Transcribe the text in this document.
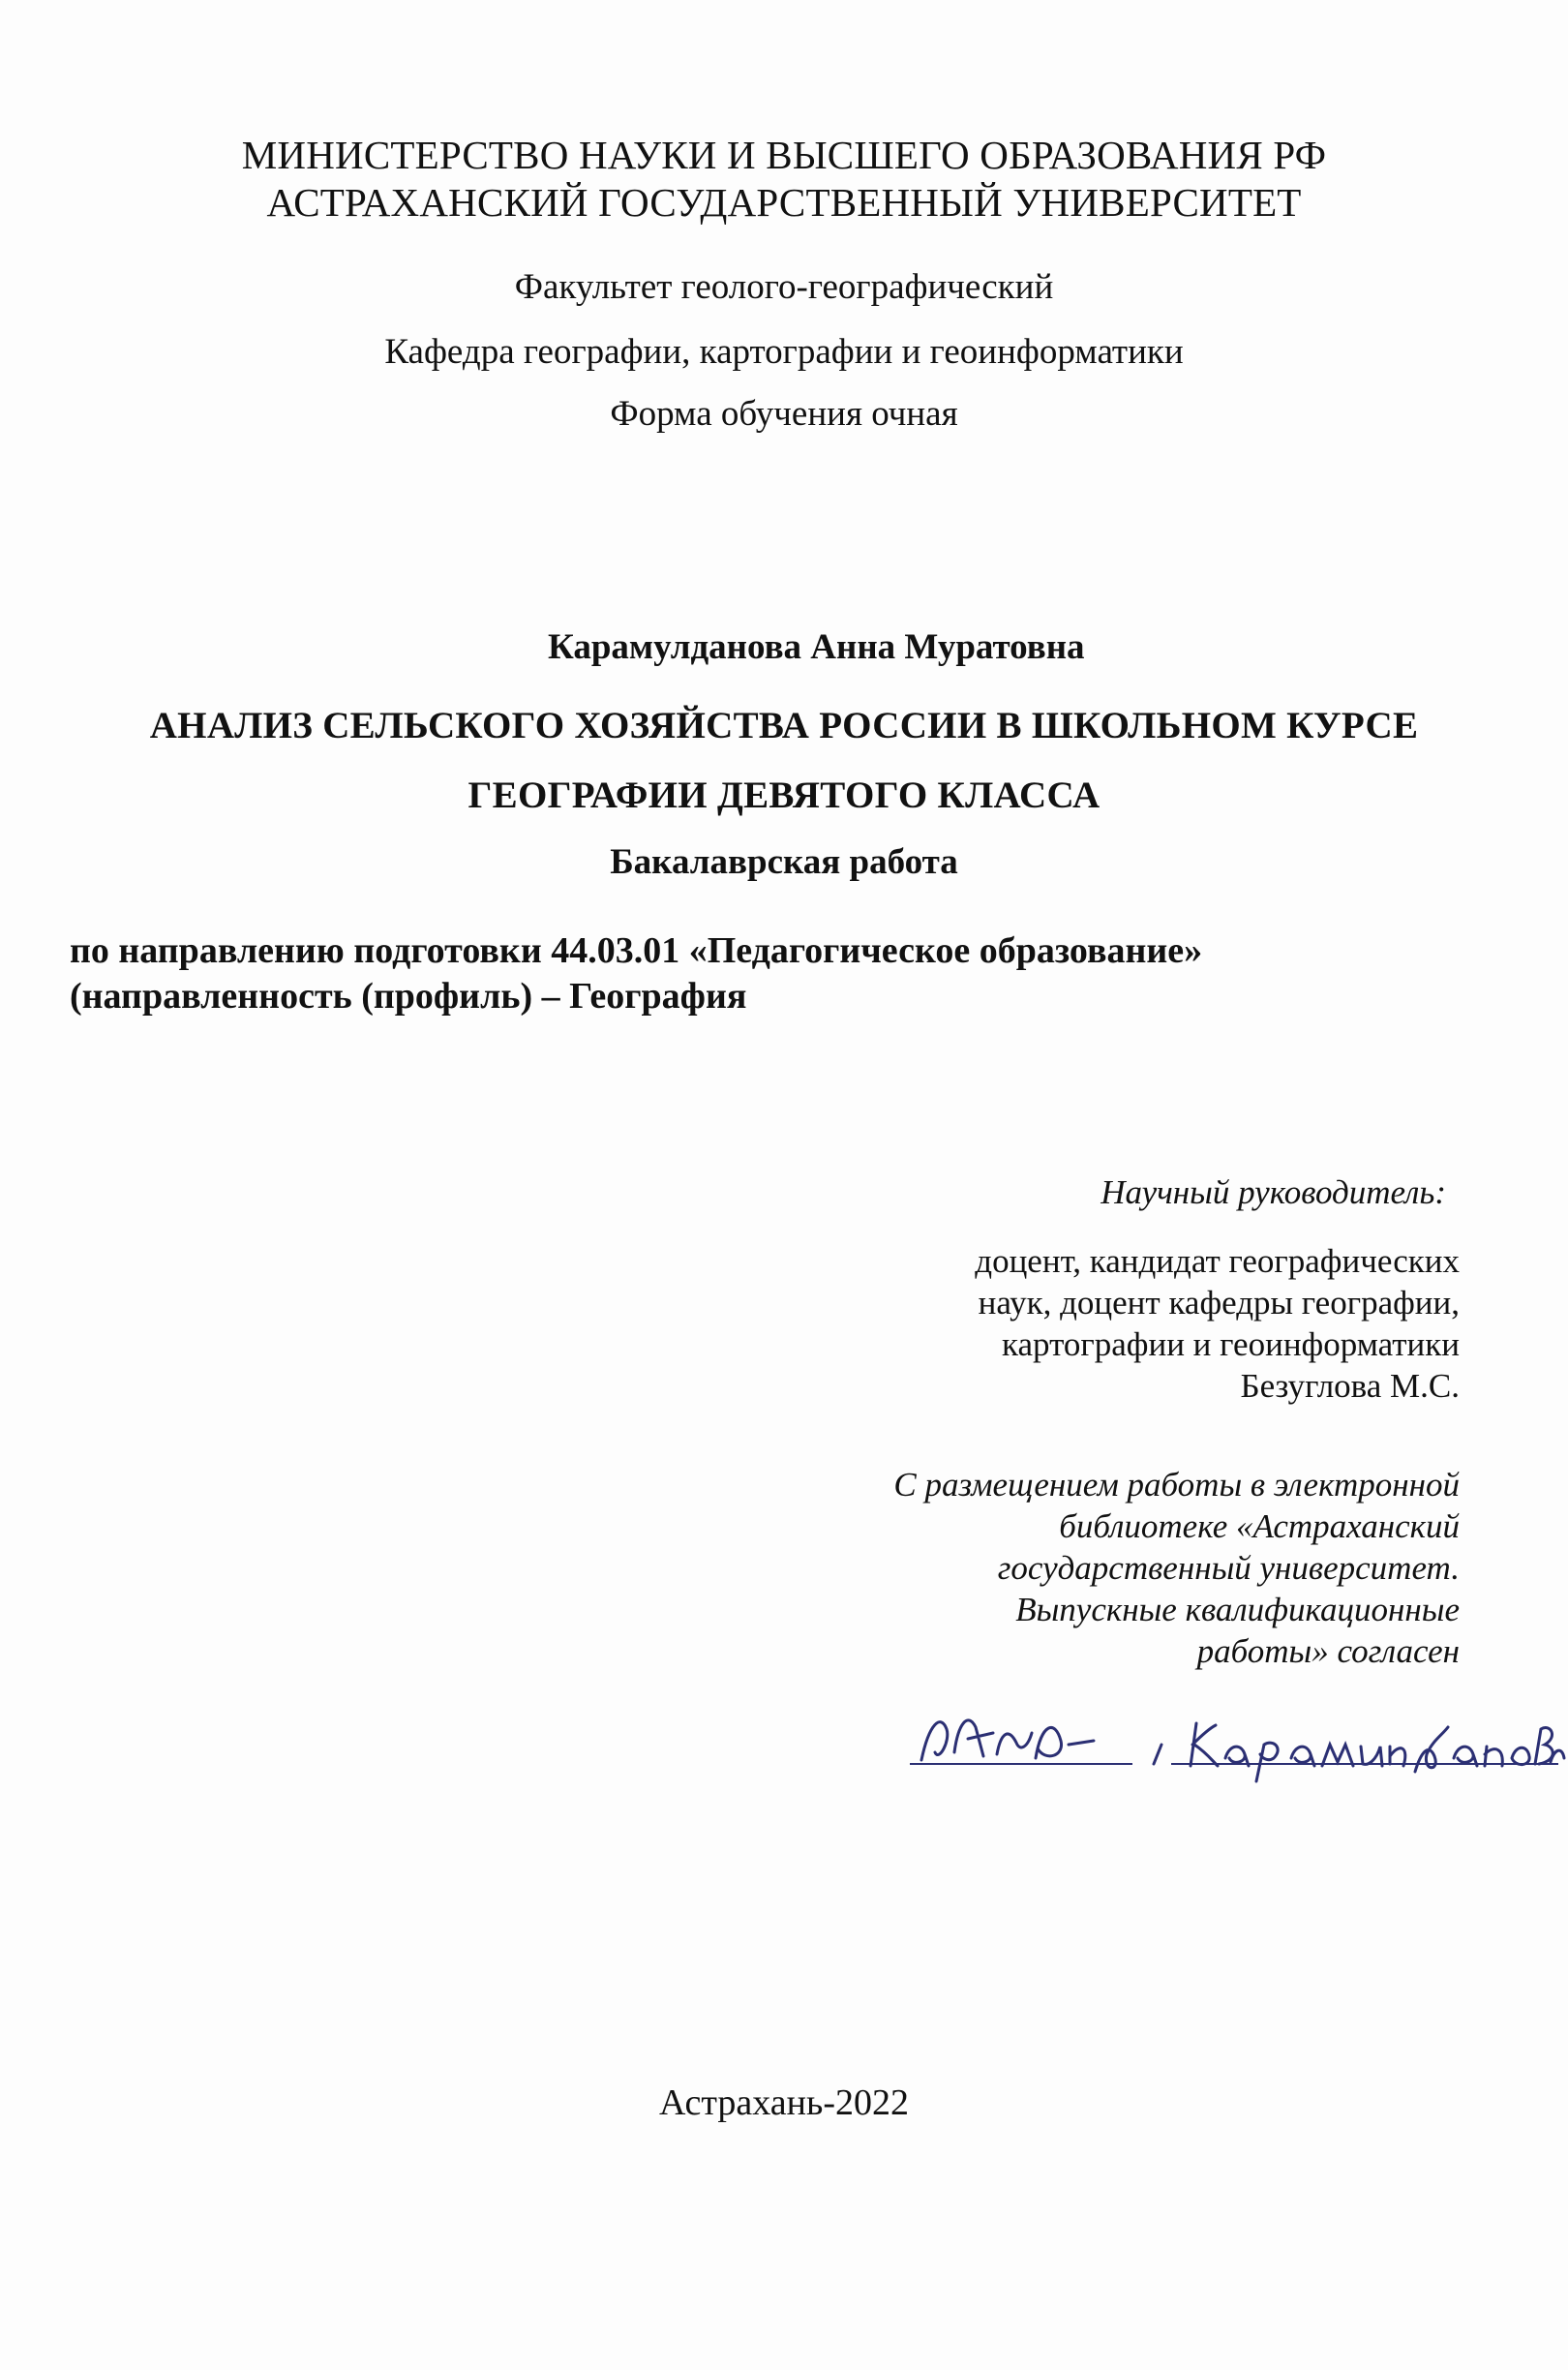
МИНИСТЕРСТВО НАУКИ И ВЫСШЕГО ОБРАЗОВАНИЯ РФ
АСТРАХАНСКИЙ ГОСУДАРСТВЕННЫЙ УНИВЕРСИТЕТ
Факультет геолого-географический
Кафедра географии, картографии и геоинформатики
Форма обучения очная
Карамулданова Анна Муратовна
АНАЛИЗ СЕЛЬСКОГО ХОЗЯЙСТВА РОССИИ В ШКОЛЬНОМ КУРСЕ
ГЕОГРАФИИ ДЕВЯТОГО КЛАССА
Бакалаврская работа
по направлению подготовки 44.03.01 «Педагогическое образование»
(направленность (профиль) – География
Научный руководитель:
доцент, кандидат географических
наук, доцент кафедры географии,
картографии и геоинформатики
Безуглова М.С.
С размещением работы в электронной
библиотеке «Астраханский
государственный университет.
Выпускные квалификационные
работы» согласен
Астрахань-2022
